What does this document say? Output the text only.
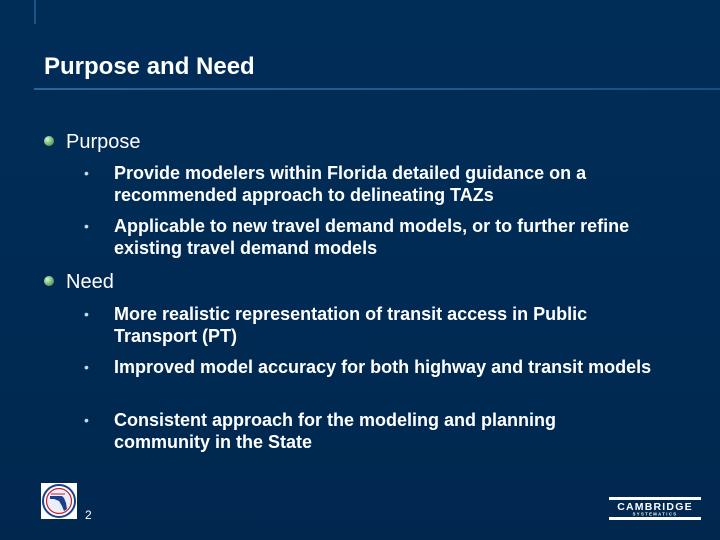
Purpose and Need
Purpose
• Provide modelers within Florida detailed guidance on a recommended approach to delineating TAZs
• Applicable to new travel demand models, or to further refine existing travel demand models
Need
• More realistic representation of transit access in Public Transport (PT)
• Improved model accuracy for both highway and transit models
• Consistent approach for the modeling and planning community in the State
2
CAMBRIDGE
SYSTEMATICS
